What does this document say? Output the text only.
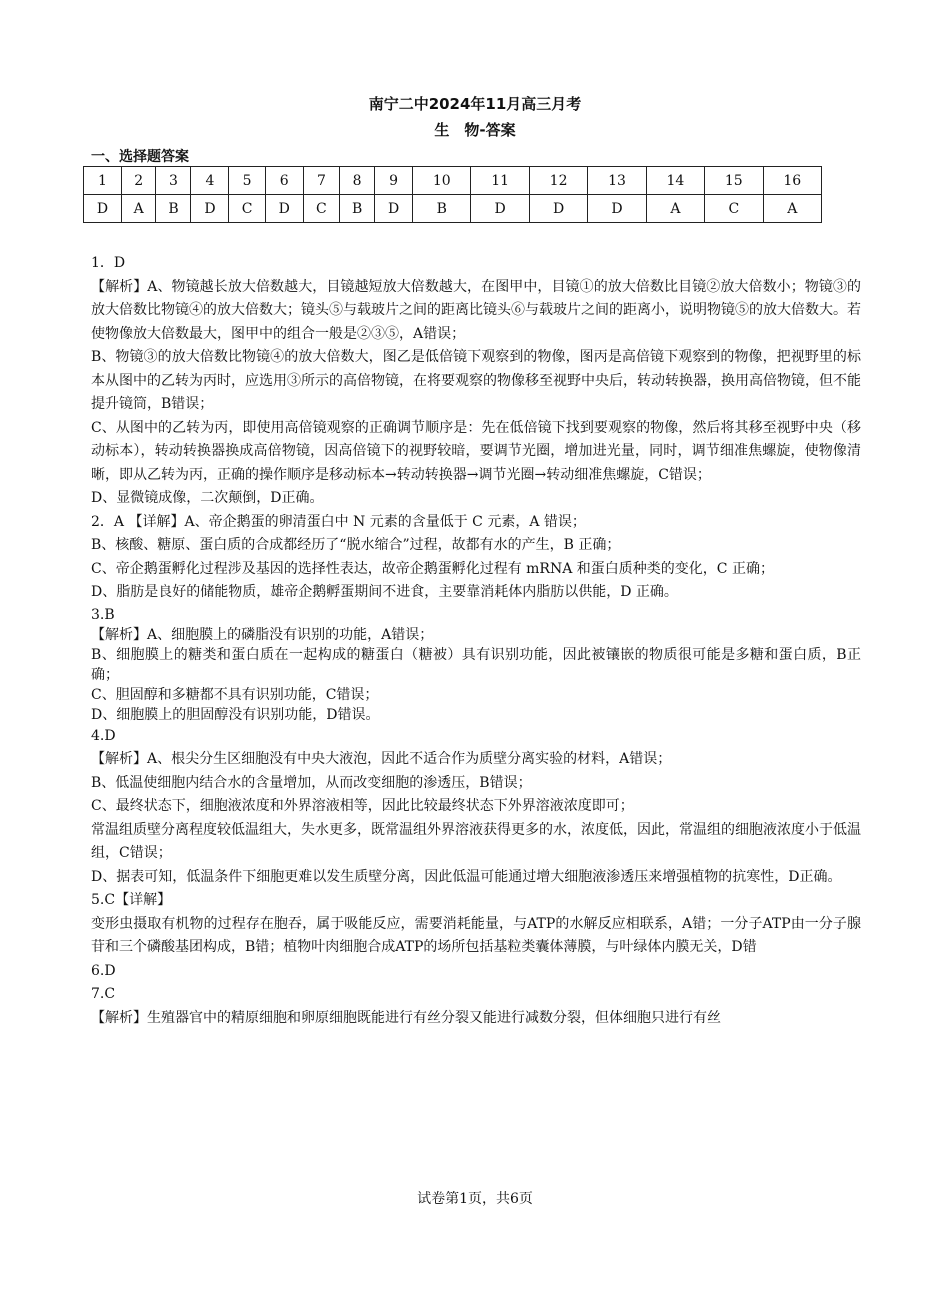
南宁二中2024年11月高三月考
生　物-答案
一、选择题答案
1	2	3	4	5	6	7	8	9	10	11	12	13	14	15	16
D	A	B	D	C	D	C	B	D	B	D	D	D	A	C	A

1．D

【解析】A、物镜越长放大倍数越大，目镜越短放大倍数越大，在图甲中，目镜①的放大倍数比目镜②放大倍数小；物镜③的放大倍数比物镜④的放大倍数大；镜头⑤与载玻片之间的距离比镜头⑥与载玻片之间的距离小，说明物镜⑤的放大倍数大。若使物像放大倍数最大，图甲中的组合一般是②③⑤，A错误；

B、物镜③的放大倍数比物镜④的放大倍数大，图乙是低倍镜下观察到的物像，图丙是高倍镜下观察到的物像，把视野里的标本从图中的乙转为丙时，应选用③所示的高倍物镜，在将要观察的物像移至视野中央后，转动转换器，换用高倍物镜，但不能提升镜筒，B错误；

C、从图中的乙转为丙，即使用高倍镜观察的正确调节顺序是：先在低倍镜下找到要观察的物像，然后将其移至视野中央（移动标本），转动转换器换成高倍物镜，因高倍镜下的视野较暗，要调节光圈，增加进光量，同时，调节细准焦螺旋，使物像清晰，即从乙转为丙，正确的操作顺序是移动标本→转动转换器→调节光圈→转动细准焦螺旋，C错误；

D、显微镜成像，二次颠倒，D正确。

2．A 【详解】A、帝企鹅蛋的卵清蛋白中 N 元素的含量低于 C 元素，A 错误；

B、核酸、糖原、蛋白质的合成都经历了“脱水缩合”过程，故都有水的产生，B 正确；

C、帝企鹅蛋孵化过程涉及基因的选择性表达，故帝企鹅蛋孵化过程有 mRNA 和蛋白质种类的变化，C 正确；

D、脂肪是良好的储能物质，雄帝企鹅孵蛋期间不进食，主要靠消耗体内脂肪以供能，D 正确。

3.B

【解析】A、细胞膜上的磷脂没有识别的功能，A错误；

B、细胞膜上的糖类和蛋白质在一起构成的糖蛋白（糖被）具有识别功能，因此被镶嵌的物质很可能是多糖和蛋白质，B正确；

C、胆固醇和多糖都不具有识别功能，C错误；

D、细胞膜上的胆固醇没有识别功能，D错误。

4.D

【解析】A、根尖分生区细胞没有中央大液泡，因此不适合作为质壁分离实验的材料，A错误；

B、低温使细胞内结合水的含量增加，从而改变细胞的渗透压，B错误；

C、最终状态下，细胞液浓度和外界溶液相等，因此比较最终状态下外界溶液浓度即可；

常温组质壁分离程度较低温组大，失水更多，既常温组外界溶液获得更多的水，浓度低，因此，常温组的细胞液浓度小于低温组，C错误；

D、据表可知，低温条件下细胞更难以发生质壁分离，因此低温可能通过增大细胞液渗透压来增强植物的抗寒性，D正确。

5.C【详解】

变形虫摄取有机物的过程存在胞吞，属于吸能反应，需要消耗能量，与ATP的水解反应相联系，A错；一分子ATP由一分子腺苷和三个磷酸基团构成，B错；植物叶肉细胞合成ATP的场所包括基粒类囊体薄膜，与叶绿体内膜无关，D错

6.D

7.C

【解析】生殖器官中的精原细胞和卵原细胞既能进行有丝分裂又能进行减数分裂，但体细胞只进行有丝

试卷第1页，共6页
